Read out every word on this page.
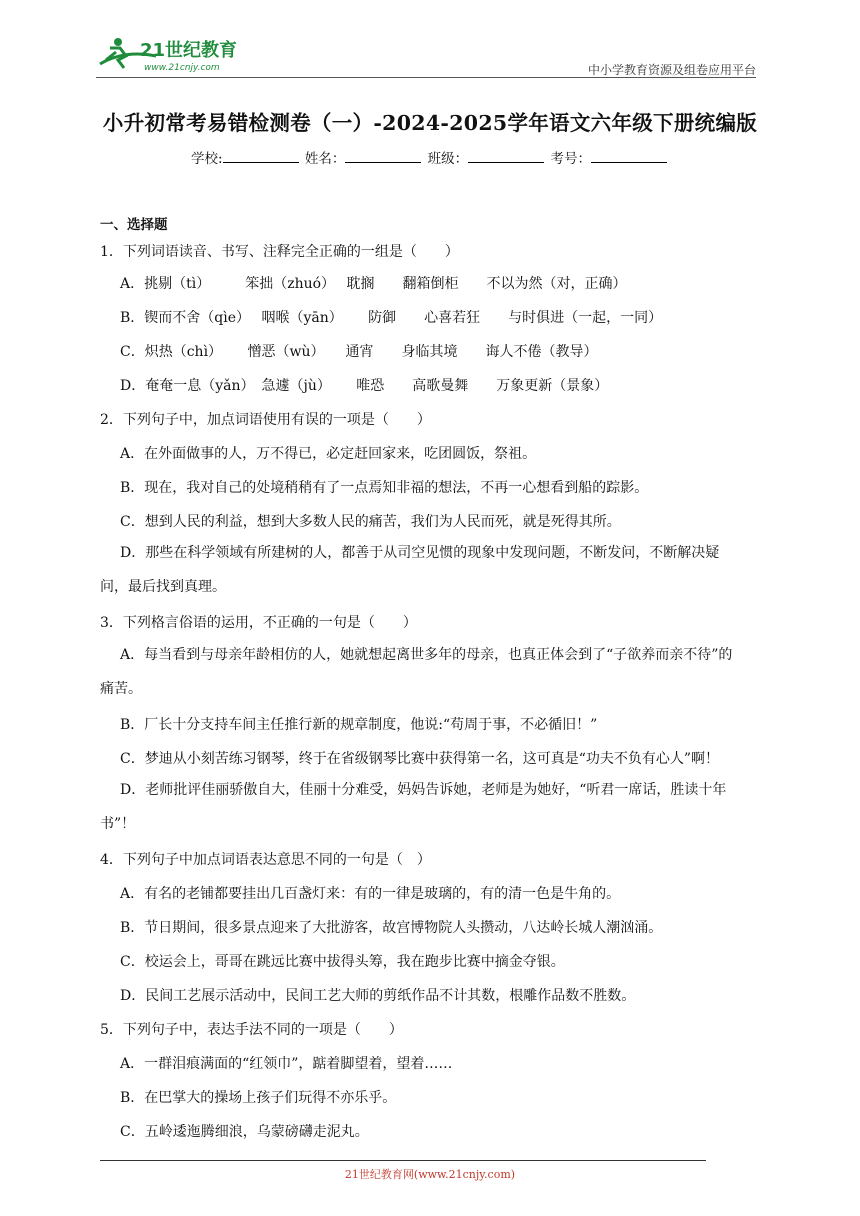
21世纪教育
www.21cnjy.com	中小学教育资源及组卷应用平台
小升初常考易错检测卷（一）-2024-2025学年语文六年级下册统编版
学校:	姓名：	班级：	考号：
一、选择题
1．下列词语读音、书写、注释完全正确的一组是（　　）
A．挑剔（tì）　　　笨拙（zhuó）　 耽搁　　翻箱倒柜　　不以为然（对，正确）
B．锲而不舍（qìe）　 咽喉（yān）　　 防御　　心喜若狂　　与时俱进（一起，一同）
C．炽热（chì）　　 憎恶（wù）　　通宵　　身临其境　　诲人不倦（教导）
D．奄奄一息（yǎn）　急遽（jù）　　 唯恐　　高歌曼舞　　万象更新（景象）
2．下列句子中，加点词语使用有误的一项是（　　）
A．在外面做事的人，万不得已，必定赶回家来，吃团圆饭，祭祖。
B．现在，我对自己的处境稍稍有了一点焉知非福的想法，不再一心想看到船的踪影。
C．想到人民的利益，想到大多数人民的痛苦，我们为人民而死，就是死得其所。
D．那些在科学领域有所建树的人，都善于从司空见惯的现象中发现问题，不断发问，不断解决疑问，最后找到真理。
3．下列格言俗语的运用，不正确的一句是（　　）
A．每当看到与母亲年龄相仿的人，她就想起离世多年的母亲，也真正体会到了“子欲养而亲不待”的痛苦。
B．厂长十分支持车间主任推行新的规章制度，他说:“苟周于事，不必循旧！”
C．梦迪从小刻苦练习钢琴，终于在省级钢琴比赛中获得第一名，这可真是“功夫不负有心人”啊！
D．老师批评佳丽骄傲自大，佳丽十分难受，妈妈告诉她，老师是为她好，“听君一席话，胜读十年书”！
4．下列句子中加点词语表达意思不同的一句是（　）
A．有名的老铺都要挂出几百盏灯来：有的一律是玻璃的，有的清一色是牛角的。
B．节日期间，很多景点迎来了大批游客，故宫博物院人头攒动，八达岭长城人潮汹涌。
C．校运会上，哥哥在跳远比赛中拔得头筹，我在跑步比赛中摘金夺银。
D．民间工艺展示活动中，民间工艺大师的剪纸作品不计其数，根雕作品数不胜数。
5．下列句子中，表达手法不同的一项是（　　）
A．一群泪痕满面的“红领巾”，踮着脚望着，望着……
B．在巴掌大的操场上孩子们玩得不亦乐乎。
C．五岭逶迤腾细浪，乌蒙磅礴走泥丸。
21世纪教育网(www.21cnjy.com)
